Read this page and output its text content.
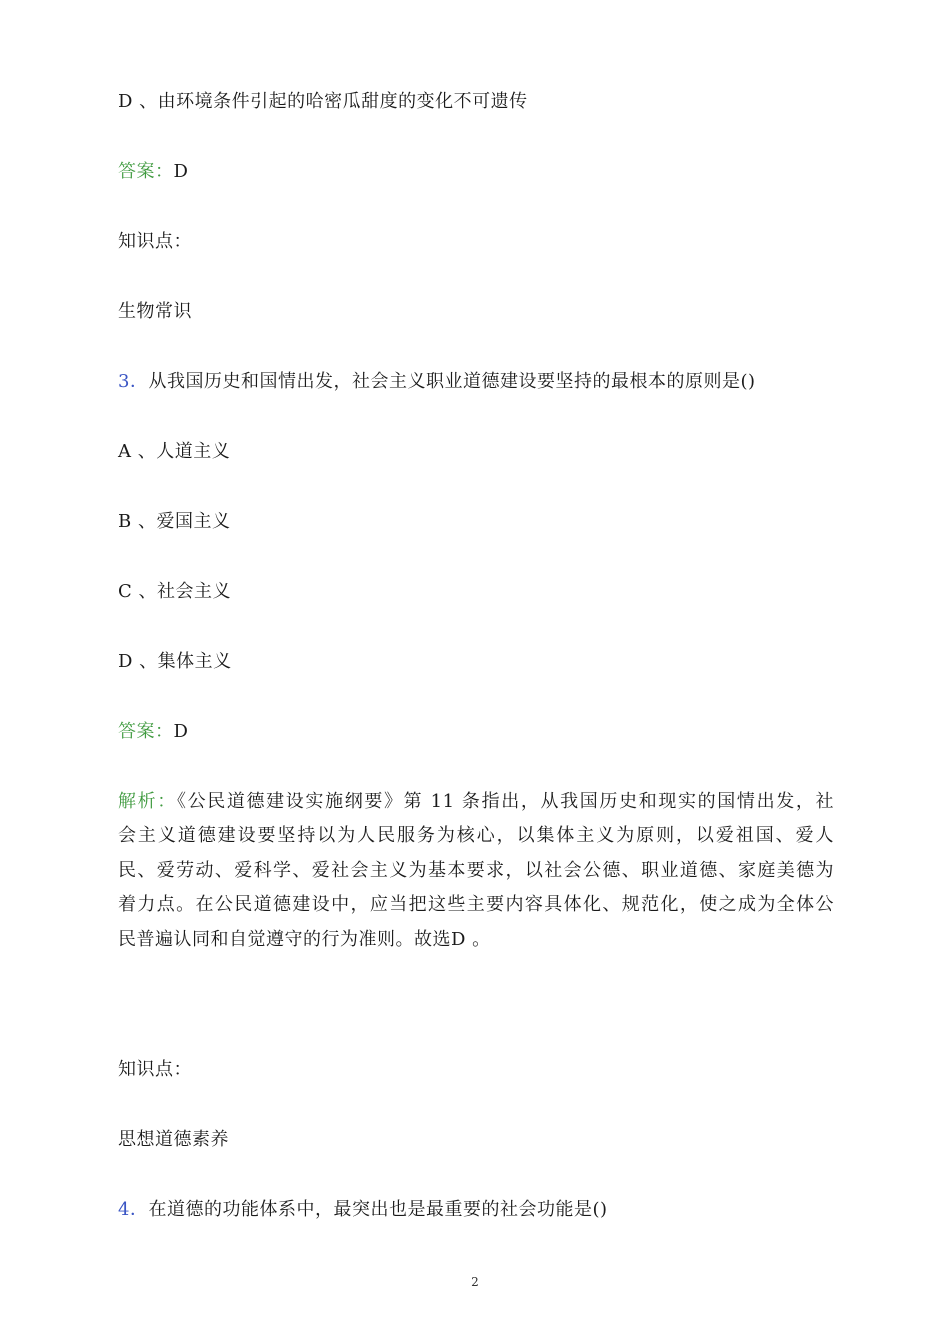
D 、由环境条件引起的哈密瓜甜度的变化不可遗传
答案：D
知识点：
生物常识
3．从我国历史和国情出发，社会主义职业道德建设要坚持的最根本的原则是()
A 、人道主义
B 、爱国主义
C 、社会主义
D 、集体主义
答案：D
解析：《公民道德建设实施纲要》第 11 条指出，从我国历史和现实的国情出发，社
会主义道德建设要坚持以为人民服务为核心，以集体主义为原则，以爱祖国、爱人
民、爱劳动、爱科学、爱社会主义为基本要求，以社会公德、职业道德、家庭美德为
着力点。在公民道德建设中，应当把这些主要内容具体化、规范化，使之成为全体公
民普遍认同和自觉遵守的行为准则。故选D 。
知识点：
思想道德素养
4．在道德的功能体系中，最突出也是最重要的社会功能是()
2
